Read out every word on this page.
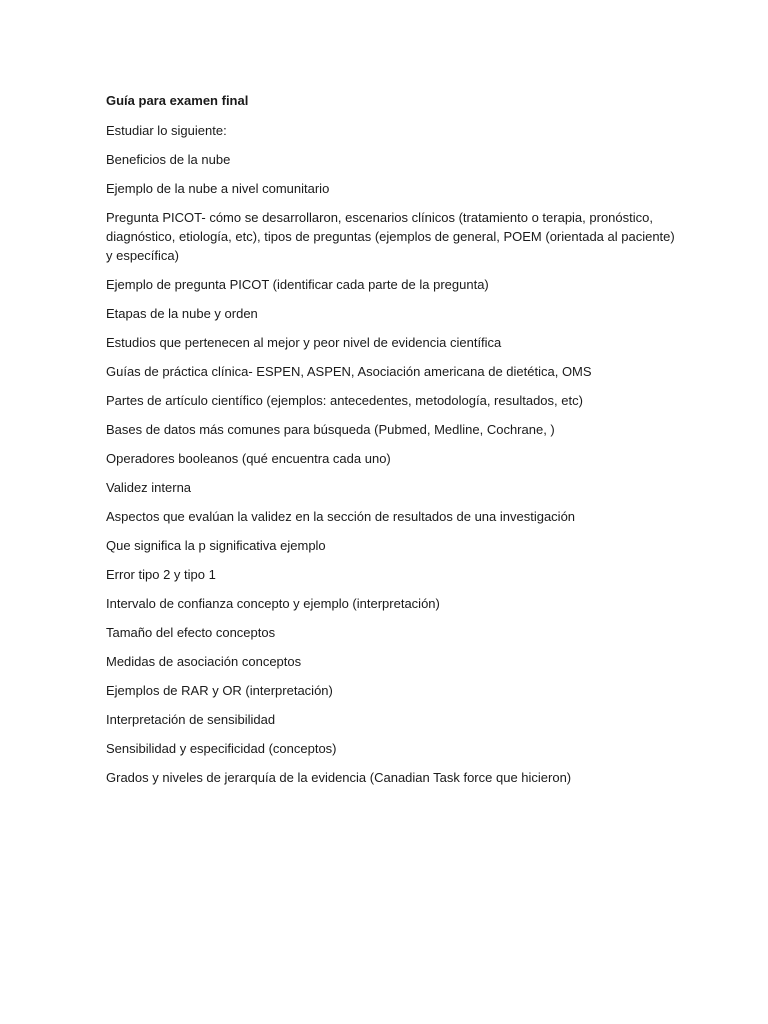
Guía para examen final
Estudiar lo siguiente:
Beneficios de la nube
Ejemplo de la nube a nivel comunitario
Pregunta PICOT- cómo se desarrollaron, escenarios clínicos (tratamiento o terapia, pronóstico, diagnóstico, etiología, etc), tipos de preguntas (ejemplos de general, POEM (orientada al paciente) y específica)
Ejemplo de pregunta PICOT (identificar cada parte de la pregunta)
Etapas de la nube y orden
Estudios que pertenecen al mejor y peor nivel de evidencia científica
Guías de práctica clínica- ESPEN, ASPEN, Asociación americana de dietética, OMS
Partes de artículo científico (ejemplos: antecedentes, metodología, resultados, etc)
Bases de datos más comunes para búsqueda (Pubmed, Medline, Cochrane, )
Operadores booleanos (qué encuentra cada uno)
Validez interna
Aspectos que evalúan la validez en la sección de resultados de una investigación
Que significa la p significativa ejemplo
Error tipo 2 y tipo 1
Intervalo de confianza concepto y ejemplo (interpretación)
Tamaño del efecto conceptos
Medidas de asociación conceptos
Ejemplos de RAR y OR (interpretación)
Interpretación de sensibilidad
Sensibilidad y especificidad (conceptos)
Grados y niveles de jerarquía de la evidencia (Canadian Task force que hicieron)
